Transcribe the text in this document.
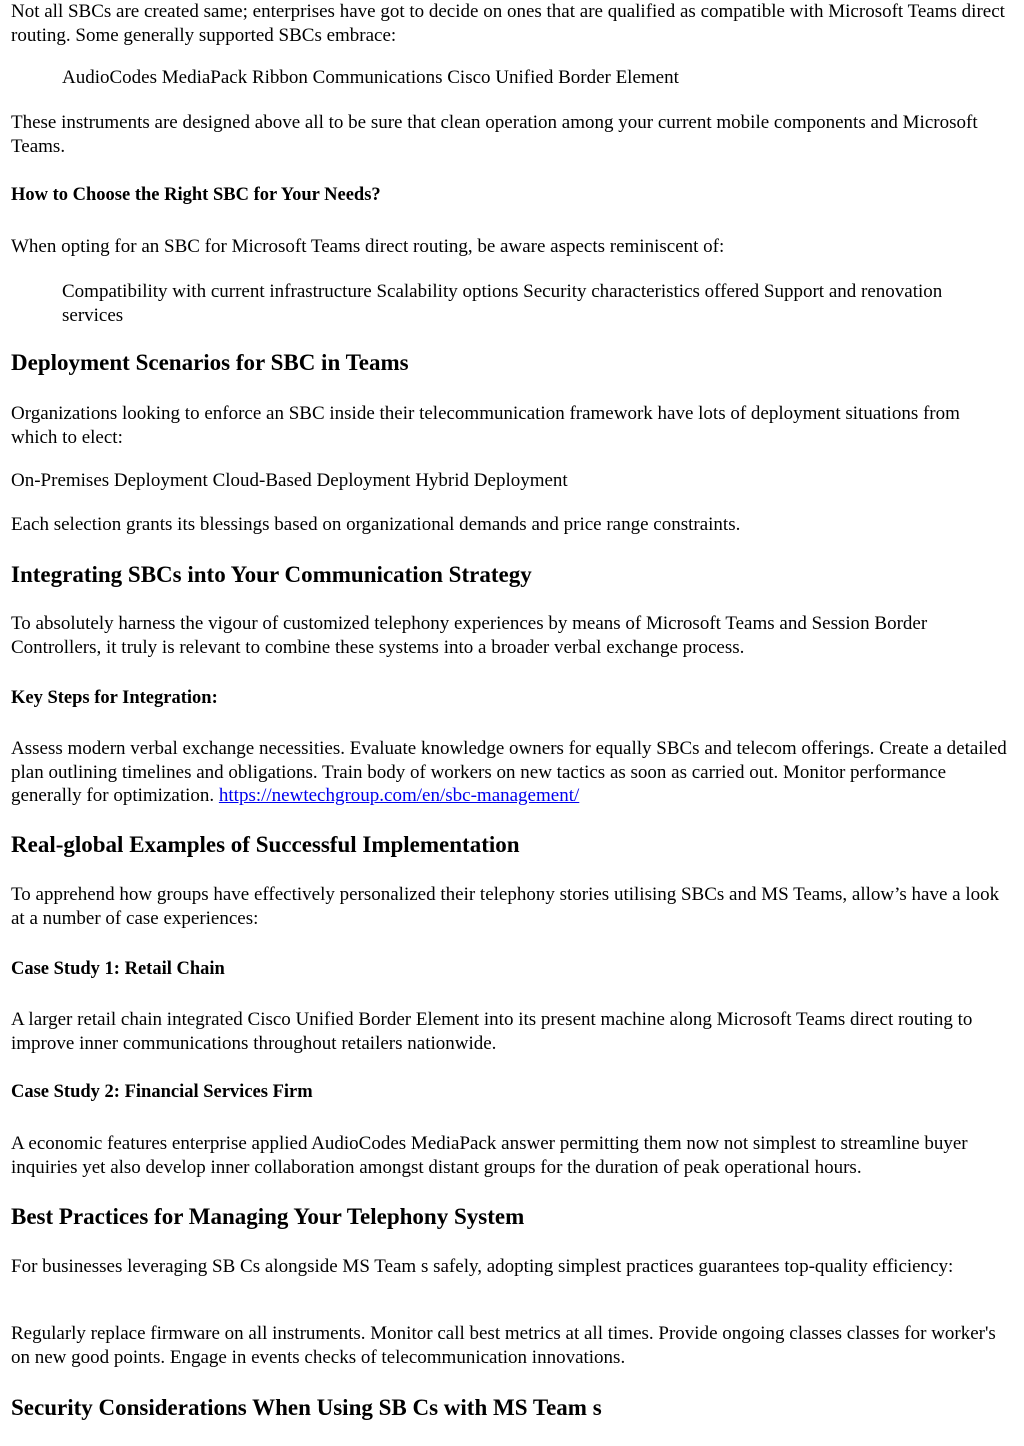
Not all SBCs are created same; enterprises have got to decide on ones that are qualified as compatible with Microsoft Teams direct routing. Some generally supported SBCs embrace:

AudioCodes MediaPack Ribbon Communications Cisco Unified Border Element

These instruments are designed above all to be sure that clean operation among your current mobile components and Microsoft Teams.

How to Choose the Right SBC for Your Needs?

When opting for an SBC for Microsoft Teams direct routing, be aware aspects reminiscent of:

Compatibility with current infrastructure Scalability options Security characteristics offered Support and renovation services

Deployment Scenarios for SBC in Teams

Organizations looking to enforce an SBC inside their telecommunication framework have lots of deployment situations from which to elect:

On-Premises Deployment Cloud-Based Deployment Hybrid Deployment

Each selection grants its blessings based on organizational demands and price range constraints.

Integrating SBCs into Your Communication Strategy

To absolutely harness the vigour of customized telephony experiences by means of Microsoft Teams and Session Border Controllers, it truly is relevant to combine these systems into a broader verbal exchange process.

Key Steps for Integration:

Assess modern verbal exchange necessities. Evaluate knowledge owners for equally SBCs and telecom offerings. Create a detailed plan outlining timelines and obligations. Train body of workers on new tactics as soon as carried out. Monitor performance generally for optimization. https://newtechgroup.com/en/sbc-management/

Real-global Examples of Successful Implementation

To apprehend how groups have effectively personalized their telephony stories utilising SBCs and MS Teams, allow’s have a look at a number of case experiences:

Case Study 1: Retail Chain

A larger retail chain integrated Cisco Unified Border Element into its present machine along Microsoft Teams direct routing to improve inner communications throughout retailers nationwide.

Case Study 2: Financial Services Firm

A economic features enterprise applied AudioCodes MediaPack answer permitting them now not simplest to streamline buyer inquiries yet also develop inner collaboration amongst distant groups for the duration of peak operational hours.

Best Practices for Managing Your Telephony System

For businesses leveraging SB Cs alongside MS Team s safely, adopting simplest practices guarantees top-quality efficiency:

Regularly replace firmware on all instruments. Monitor call best metrics at all times. Provide ongoing classes classes for worker's on new good points. Engage in events checks of telecommunication innovations.

Security Considerations When Using SB Cs with MS Team s
